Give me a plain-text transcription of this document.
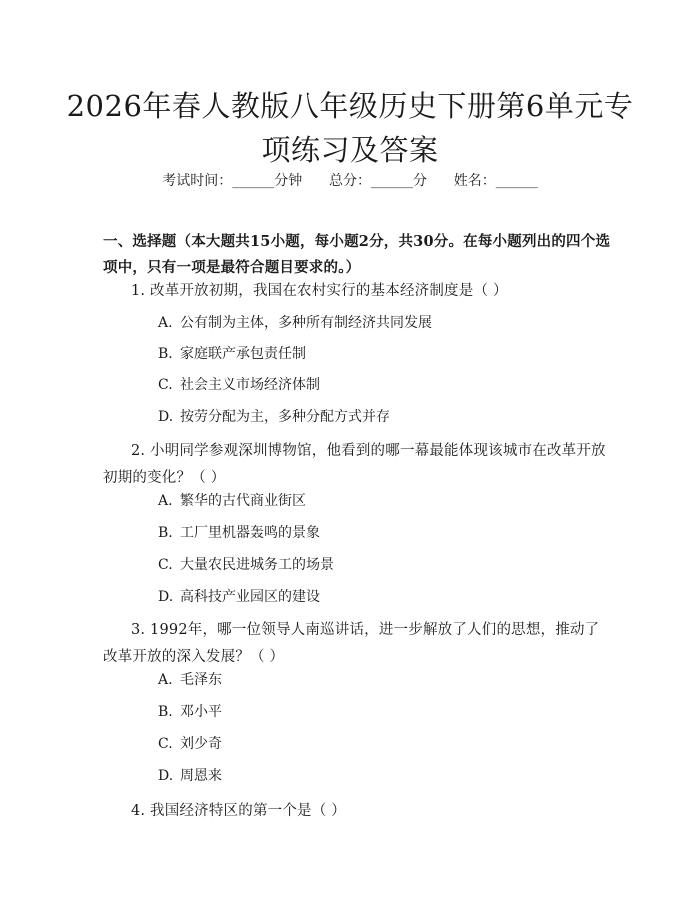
2026年春人教版八年级历史下册第6单元专项练习及答案
考试时间：______分钟      总分：______分      姓名：______
一、选择题（本大题共15小题，每小题2分，共30分。在每小题列出的四个选项中，只有一项是最符合题目要求的。）
1. 改革开放初期，我国在农村实行的基本经济制度是（ ）
A. 公有制为主体，多种所有制经济共同发展
B. 家庭联产承包责任制
C. 社会主义市场经济体制
D. 按劳分配为主，多种分配方式并存
2. 小明同学参观深圳博物馆，他看到的哪一幕最能体现该城市在改革开放初期的变化？（ ）
A. 繁华的古代商业街区
B. 工厂里机器轰鸣的景象
C. 大量农民进城务工的场景
D. 高科技产业园区的建设
3. 1992年，哪一位领导人南巡讲话，进一步解放了人们的思想，推动了改革开放的深入发展？（ ）
A. 毛泽东
B. 邓小平
C. 刘少奇
D. 周恩来
4. 我国经济特区的第一个是（ ）
